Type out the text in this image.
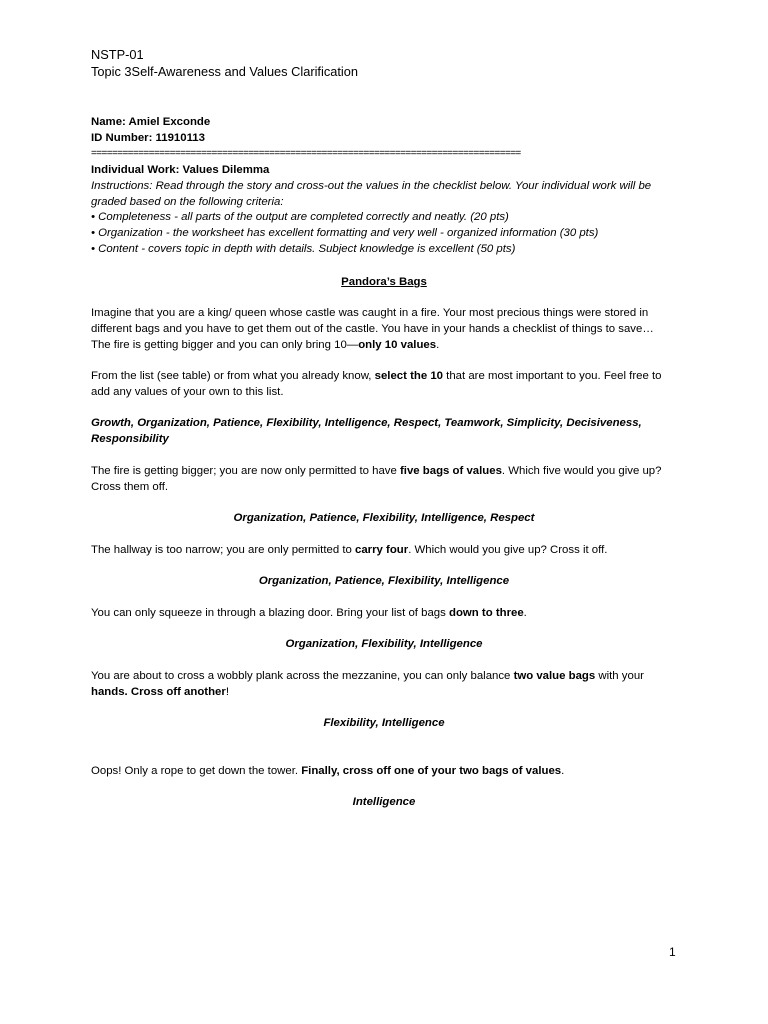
NSTP-01
Topic 3Self-Awareness and Values Clarification
Name: Amiel Exconde
ID Number: 11910113
==================================================================================
Individual Work: Values Dilemma
Instructions: Read through the story and cross-out the values in the checklist below. Your individual work will be
graded based on the following criteria:
• Completeness - all parts of the output are completed correctly and neatly. (20 pts)
• Organization - the worksheet has excellent formatting and very well - organized information (30 pts)
• Content - covers topic in depth with details. Subject knowledge is excellent (50 pts)
Pandora’s Bags
Imagine that you are a king/ queen whose castle was caught in a fire. Your most precious things were stored in
different bags and you have to get them out of the castle. You have in your hands a checklist of things to save…
The fire is getting bigger and you can only bring 10—only 10 values.
From the list (see table) or from what you already know, select the 10 that are most important to you. Feel free to
add any values of your own to this list.
Growth, Organization, Patience, Flexibility, Intelligence, Respect, Teamwork, Simplicity, Decisiveness,
Responsibility
The fire is getting bigger; you are now only permitted to have five bags of values. Which five would you give up?
Cross them off.
Organization, Patience, Flexibility, Intelligence, Respect
The hallway is too narrow; you are only permitted to carry four. Which would you give up? Cross it off.
Organization, Patience, Flexibility, Intelligence
You can only squeeze in through a blazing door. Bring your list of bags down to three.
Organization, Flexibility, Intelligence
You are about to cross a wobbly plank across the mezzanine, you can only balance two value bags with your
hands. Cross off another!
Flexibility, Intelligence
Oops! Only a rope to get down the tower. Finally, cross off one of your two bags of values.
Intelligence
1
